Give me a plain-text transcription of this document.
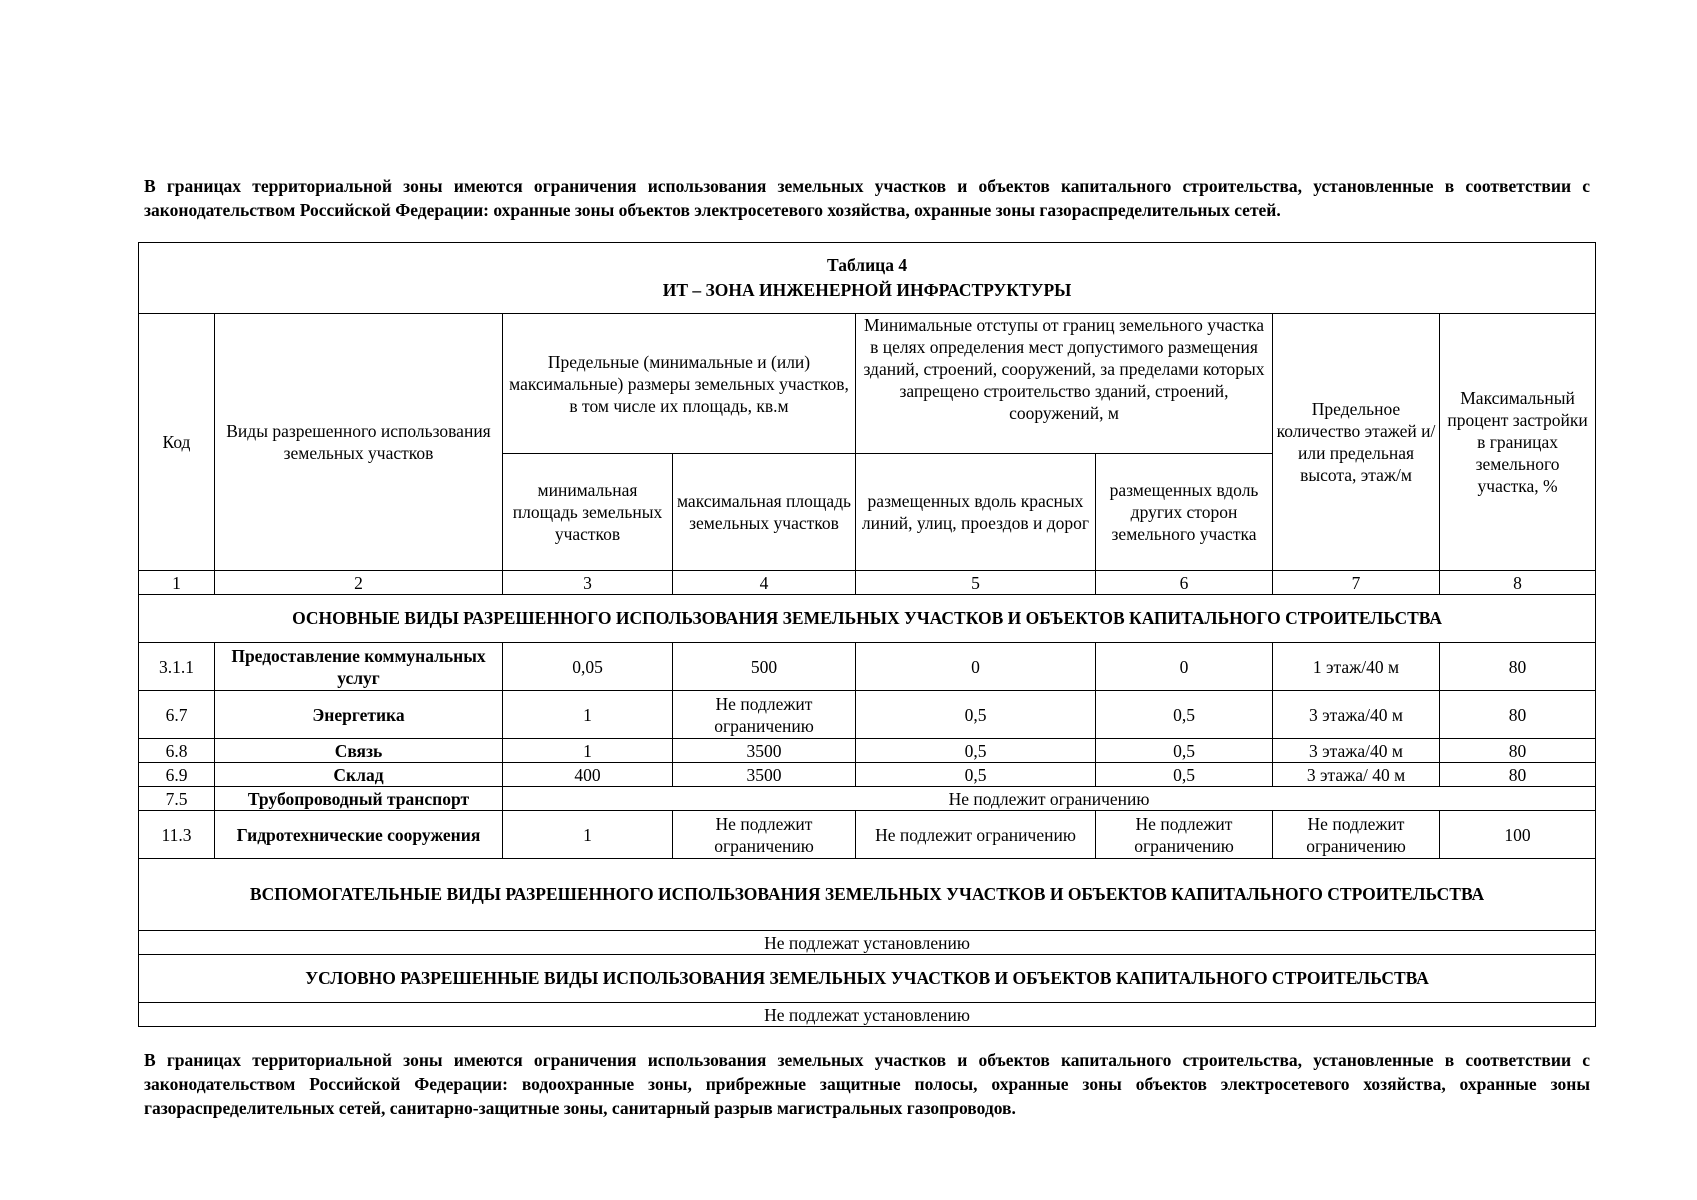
В границах территориальной зоны имеются ограничения использования земельных участков и объектов капитального строительства, установленные в соответствии с законодательством Российской Федерации: охранные зоны объектов электросетевого хозяйства, охранные зоны газораспределительных сетей.
Таблица 4
ИТ – ЗОНА ИНЖЕНЕРНОЙ ИНФРАСТРУКТУРЫ							

Код	Виды разрешенного использования земельных участков	Предельные (минимальные и (или) максимальные) размеры земельных участков, в том числе их площадь, кв.м		Минимальные отступы от границ земельного участка в целях определения мест допустимого размещения зданий, строений, сооружений, за пределами которых запрещено строительство зданий, строений, сооружений, м		Предельное количество этажей и/или предельная высота, этаж/м	Максимальный процент застройки в границах земельного участка, %
		минимальная площадь земельных участков	максимальная площадь земельных участков	размещенных вдоль красных линий, улиц, проездов и дорог	размещенных вдоль других сторон земельного участка		
1	2	3	4	5	6	7	8
ОСНОВНЫЕ ВИДЫ РАЗРЕШЕННОГО ИСПОЛЬЗОВАНИЯ ЗЕМЕЛЬНЫХ УЧАСТКОВ И ОБЪЕКТОВ КАПИТАЛЬНОГО СТРОИТЕЛЬСТВА							
3.1.1	Предоставление коммунальных услуг	0,05	500	0	0	1 этаж/40 м	80
6.7	Энергетика	1	Не подлежит ограничению	0,5	0,5	3 этажа/40 м	80
6.8	Связь	1	3500	0,5	0,5	3 этажа/40 м	80
6.9	Склад	400	3500	0,5	0,5	3 этажа/ 40 м	80
7.5	Трубопроводный транспорт	Не подлежит ограничению					
11.3	Гидротехнические сооружения	1	Не подлежит ограничению	Не подлежит ограничению	Не подлежит ограничению	Не подлежит ограничению	100
ВСПОМОГАТЕЛЬНЫЕ ВИДЫ РАЗРЕШЕННОГО ИСПОЛЬЗОВАНИЯ ЗЕМЕЛЬНЫХ УЧАСТКОВ И ОБЪЕКТОВ КАПИТАЛЬНОГО СТРОИТЕЛЬСТВА							
Не подлежат установлению							
УСЛОВНО РАЗРЕШЕННЫЕ ВИДЫ ИСПОЛЬЗОВАНИЯ ЗЕМЕЛЬНЫХ УЧАСТКОВ И ОБЪЕКТОВ КАПИТАЛЬНОГО СТРОИТЕЛЬСТВА							
Не подлежат установлению							
В границах территориальной зоны имеются ограничения использования земельных участков и объектов капитального строительства, установленные в соответствии с законодательством Российской Федерации: водоохранные зоны, прибрежные защитные полосы, охранные зоны объектов электросетевого хозяйства, охранные зоны газораспределительных сетей, санитарно-защитные зоны, санитарный разрыв магистральных газопроводов.
